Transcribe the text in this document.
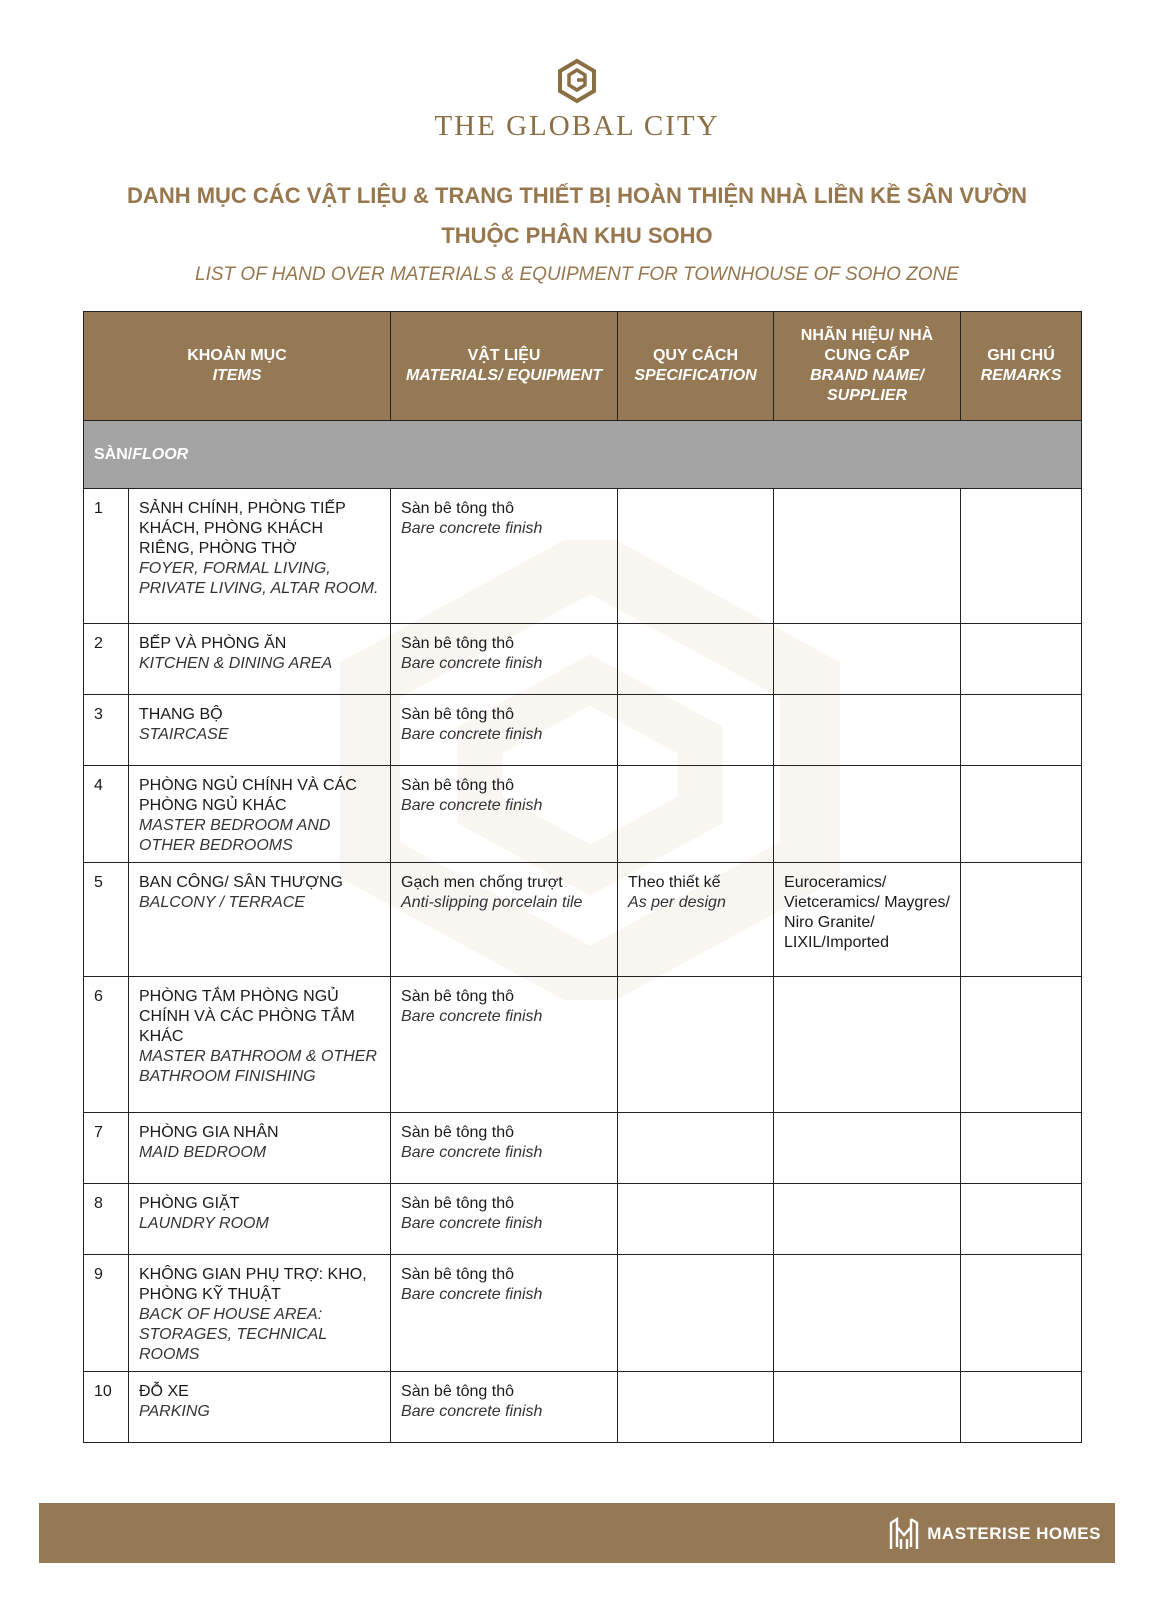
THE GLOBAL CITY
DANH MỤC CÁC VẬT LIỆU & TRANG THIẾT BỊ HOÀN THIỆN NHÀ LIỀN KỀ SÂN VƯỜN
THUỘC PHÂN KHU SOHO
LIST OF HAND OVER MATERIALS & EQUIPMENT FOR TOWNHOUSE OF SOHO ZONE
KHOẢN MỤC
ITEMS		VẬT LIỆU
MATERIALS/ EQUIPMENT	QUY CÁCH
SPECIFICATION	NHÃN HIỆU/ NHÀ CUNG CẤP
BRAND NAME/ SUPPLIER	GHI CHÚ
REMARKS

SÀN/FLOOR					

1	SẢNH CHÍNH, PHÒNG TIẾP KHÁCH, PHÒNG KHÁCH RIÊNG, PHÒNG THỜ
FOYER, FORMAL LIVING, PRIVATE LIVING, ALTAR ROOM.	Sàn bê tông thô
Bare concrete finish			

2	BẾP VÀ PHÒNG ĂN
KITCHEN & DINING AREA	Sàn bê tông thô
Bare concrete finish			

3	THANG BỘ
STAIRCASE	Sàn bê tông thô
Bare concrete finish			

4	PHÒNG NGỦ CHÍNH VÀ CÁC PHÒNG NGỦ KHÁC
MASTER BEDROOM AND OTHER BEDROOMS	Sàn bê tông thô
Bare concrete finish			

5	BAN CÔNG/ SÂN THƯỢNG
BALCONY / TERRACE	Gạch men chống trượt
Anti-slipping porcelain tile	Theo thiết kế
As per design	Euroceramics/ Vietceramics/ Maygres/ Niro Granite/ LIXIL/Imported	

6	PHÒNG TẮM PHÒNG NGỦ CHÍNH VÀ CÁC PHÒNG TẮM KHÁC
MASTER BATHROOM & OTHER BATHROOM FINISHING	Sàn bê tông thô
Bare concrete finish			

7	PHÒNG GIA NHÂN
MAID BEDROOM	Sàn bê tông thô
Bare concrete finish			

8	PHÒNG GIẶT
LAUNDRY ROOM	Sàn bê tông thô
Bare concrete finish			

9	KHÔNG GIAN PHỤ TRỢ: KHO, PHÒNG KỸ THUẬT
BACK OF HOUSE AREA: STORAGES, TECHNICAL ROOMS	Sàn bê tông thô
Bare concrete finish			

10	ĐỖ XE
PARKING	Sàn bê tông thô
Bare concrete finish			

MASTERISE HOMES
